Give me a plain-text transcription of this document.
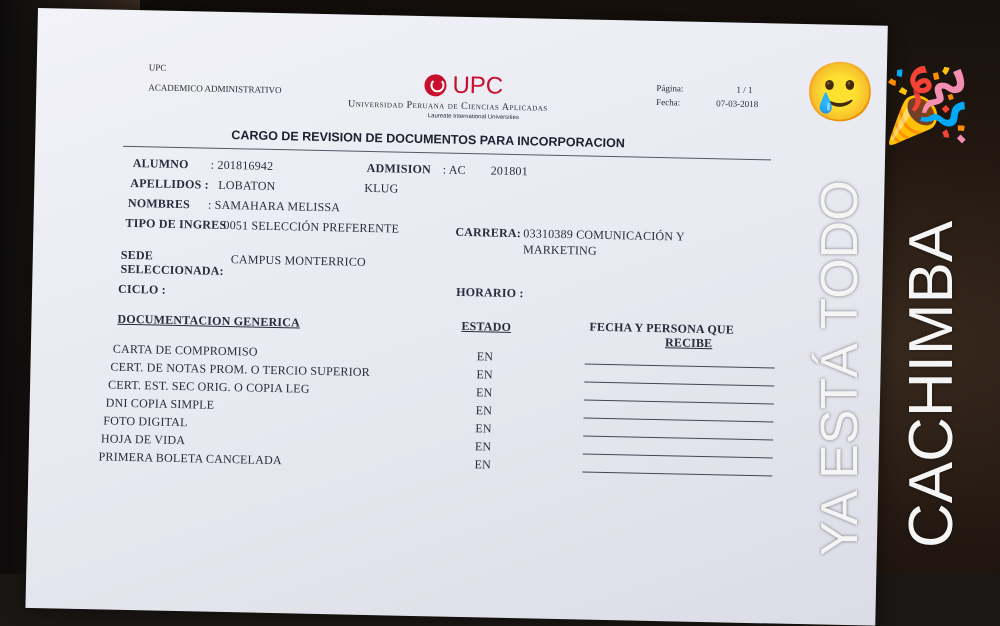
UPC
ACADEMICO ADMINISTRATIVO	UPC
Universidad Peruana de Ciencias Aplicadas
Laureate International Universities
Página:	1 / 1
Fecha:	07-03-2018
CARGO DE REVISION DE DOCUMENTOS PARA INCORPORACION
ALUMNO : 201816942	ADMISION : AC 201801
APELLIDOS : LOBATON	KLUG
NOMBRES : SAMAHARA MELISSA
TIPO DE INGRES
0051 SELECCIÓN PREFERENTE	CARRERA: 03310389 COMUNICACIÓN Y
MARKETING
SEDE
SELECCIONADA:
CAMPUS MONTERRICO
CICLO :	HORARIO :
DOCUMENTACION GENERICA	ESTADO	FECHA Y PERSONA QUE
RECIBE
CARTA DE COMPROMISO	EN
CERT. DE NOTAS PROM. O TERCIO SUPERIOR	EN
CERT. EST. SEC ORIG. O COPIA LEG	EN
DNI COPIA SIMPLE	EN
FOTO DIGITAL	EN
HOJA DE VIDA	EN
PRIMERA BOLETA CANCELADA	EN
🥲 🎉
YA ESTÁ TODO CACHIMBA
